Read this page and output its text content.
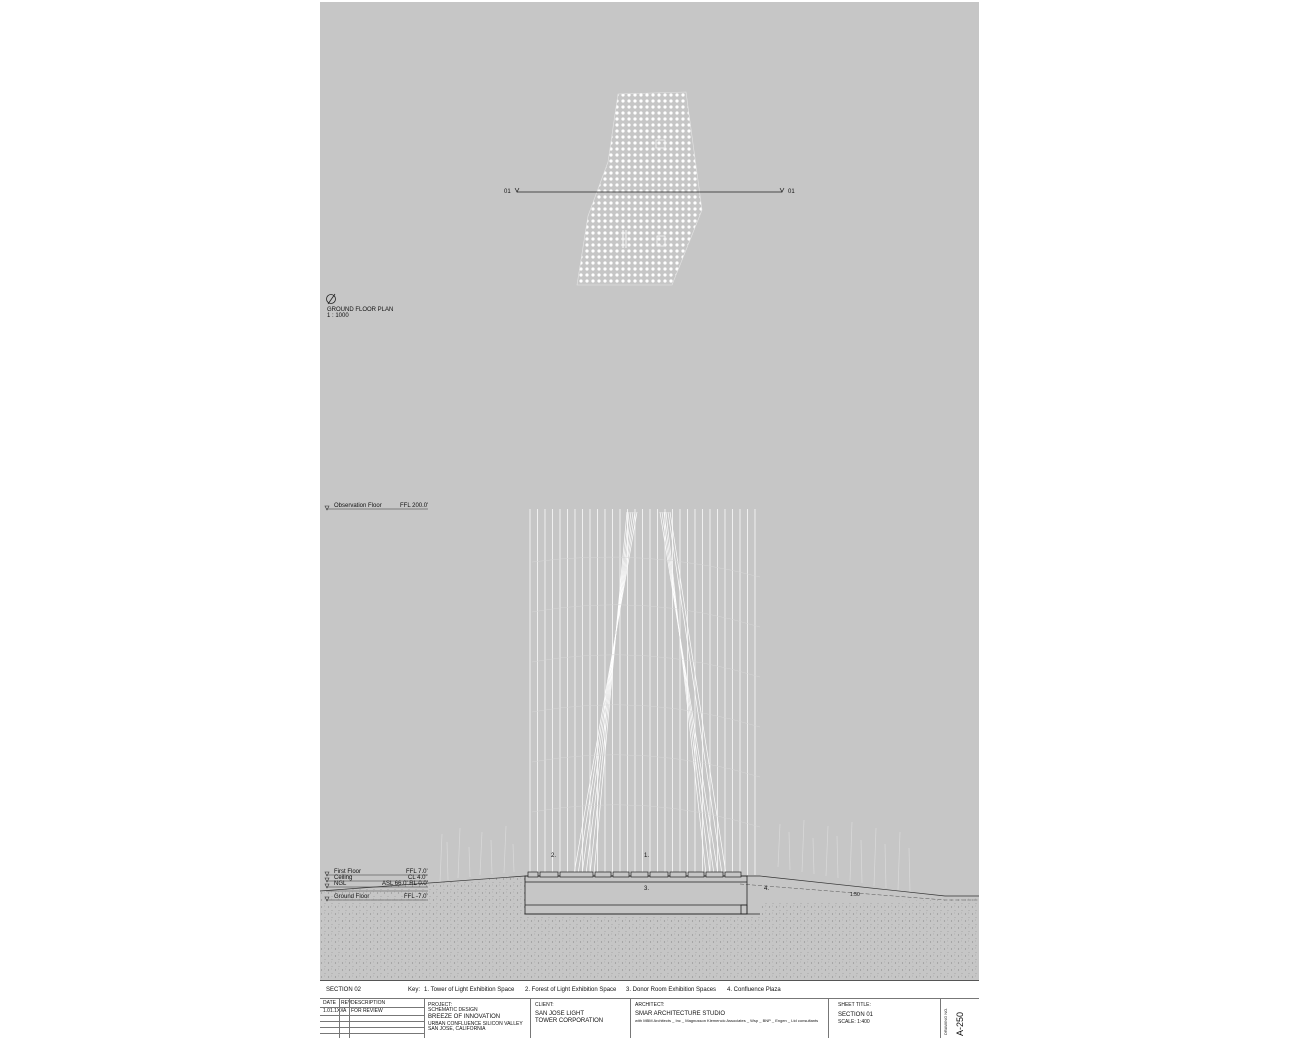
01	01
GROUND FLOOR PLAN
1 : 1000
Observation Floor	FFL 200.0'
First Floor	FFL 7.0'
Ceiling	CL 4.0'
NGL	ASL 66.0' RL 0.0'
Ground Floor	FFL -7.0'
1.
2.
3.	4.
1:50
SECTION 02	Key: 1. Tower of Light Exhibition Space 2. Forest of Light Exhibition Space 3. Donor Room Exhibition Spaces 4. Confluence Plaza
DATE REV DESCRIPTION
1.01.1XX A FOR REVIEW
PROJECT:
SCHEMATIC DESIGN
BREEZE OF INNOVATION
URBAN CONFLUENCE SILICON VALLEY
SAN JOSE, CALIFORNIA
CLIENT:
SAN JOSE LIGHT
TOWER CORPORATION
ARCHITECT:
SMAR ARCHITECTURE STUDIO
with MBM Architects _ Inc _ Magnusson Klemencic Associates _ Wsp _ BNP _ Engen _ Ltd consultants
SHEET TITLE:
SECTION 01
SCALE: 1:400	DRAWING NO. A-250
